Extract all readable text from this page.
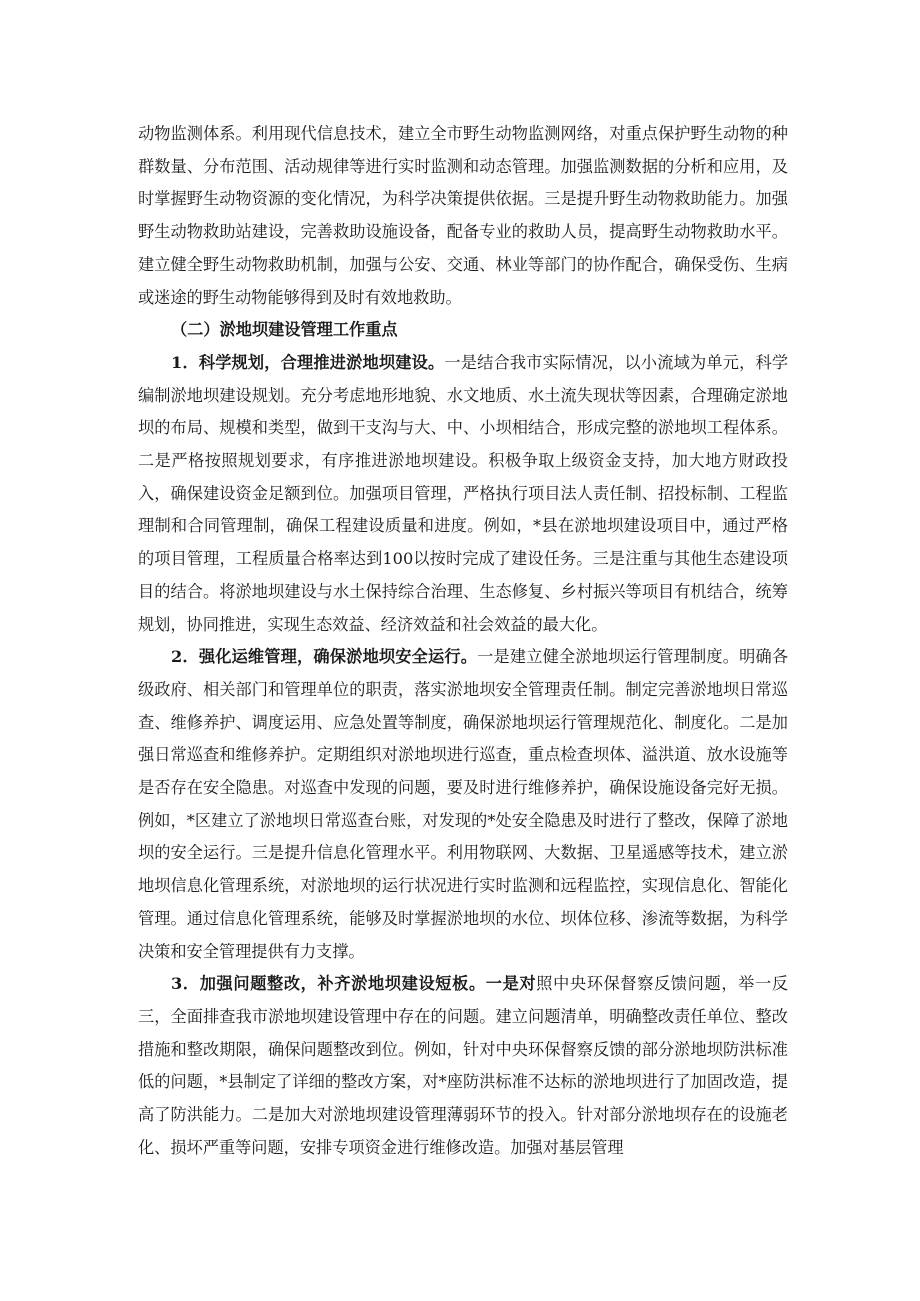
动物监测体系。利用现代信息技术，建立全市野生动物监测网络，对重点保护野生动物的种群数量、分布范围、活动规律等进行实时监测和动态管理。加强监测数据的分析和应用，及时掌握野生动物资源的变化情况，为科学决策提供依据。三是提升野生动物救助能力。加强野生动物救助站建设，完善救助设施设备，配备专业的救助人员，提高野生动物救助水平。建立健全野生动物救助机制，加强与公安、交通、林业等部门的协作配合，确保受伤、生病或迷途的野生动物能够得到及时有效地救助。

（二）淤地坝建设管理工作重点

1．科学规划，合理推进淤地坝建设。一是结合我市实际情况，以小流域为单元，科学编制淤地坝建设规划。充分考虑地形地貌、水文地质、水土流失现状等因素，合理确定淤地坝的布局、规模和类型，做到干支沟与大、中、小坝相结合，形成完整的淤地坝工程体系。二是严格按照规划要求，有序推进淤地坝建设。积极争取上级资金支持，加大地方财政投入，确保建设资金足额到位。加强项目管理，严格执行项目法人责任制、招投标制、工程监理制和合同管理制，确保工程建设质量和进度。例如，*县在淤地坝建设项目中，通过严格的项目管理，工程质量合格率达到100以按时完成了建设任务。三是注重与其他生态建设项目的结合。将淤地坝建设与水土保持综合治理、生态修复、乡村振兴等项目有机结合，统筹规划，协同推进，实现生态效益、经济效益和社会效益的最大化。

2．强化运维管理，确保淤地坝安全运行。一是建立健全淤地坝运行管理制度。明确各级政府、相关部门和管理单位的职责，落实淤地坝安全管理责任制。制定完善淤地坝日常巡查、维修养护、调度运用、应急处置等制度，确保淤地坝运行管理规范化、制度化。二是加强日常巡查和维修养护。定期组织对淤地坝进行巡查，重点检查坝体、溢洪道、放水设施等是否存在安全隐患。对巡查中发现的问题，要及时进行维修养护，确保设施设备完好无损。例如，*区建立了淤地坝日常巡查台账，对发现的*处安全隐患及时进行了整改，保障了淤地坝的安全运行。三是提升信息化管理水平。利用物联网、大数据、卫星遥感等技术，建立淤地坝信息化管理系统，对淤地坝的运行状况进行实时监测和远程监控，实现信息化、智能化管理。通过信息化管理系统，能够及时掌握淤地坝的水位、坝体位移、渗流等数据，为科学决策和安全管理提供有力支撑。

3．加强问题整改，补齐淤地坝建设短板。一是对照中央环保督察反馈问题，举一反三，全面排查我市淤地坝建设管理中存在的问题。建立问题清单，明确整改责任单位、整改措施和整改期限，确保问题整改到位。例如，针对中央环保督察反馈的部分淤地坝防洪标准低的问题，*县制定了详细的整改方案，对*座防洪标准不达标的淤地坝进行了加固改造，提高了防洪能力。二是加大对淤地坝建设管理薄弱环节的投入。针对部分淤地坝存在的设施老化、损坏严重等问题，安排专项资金进行维修改造。加强对基层管理
